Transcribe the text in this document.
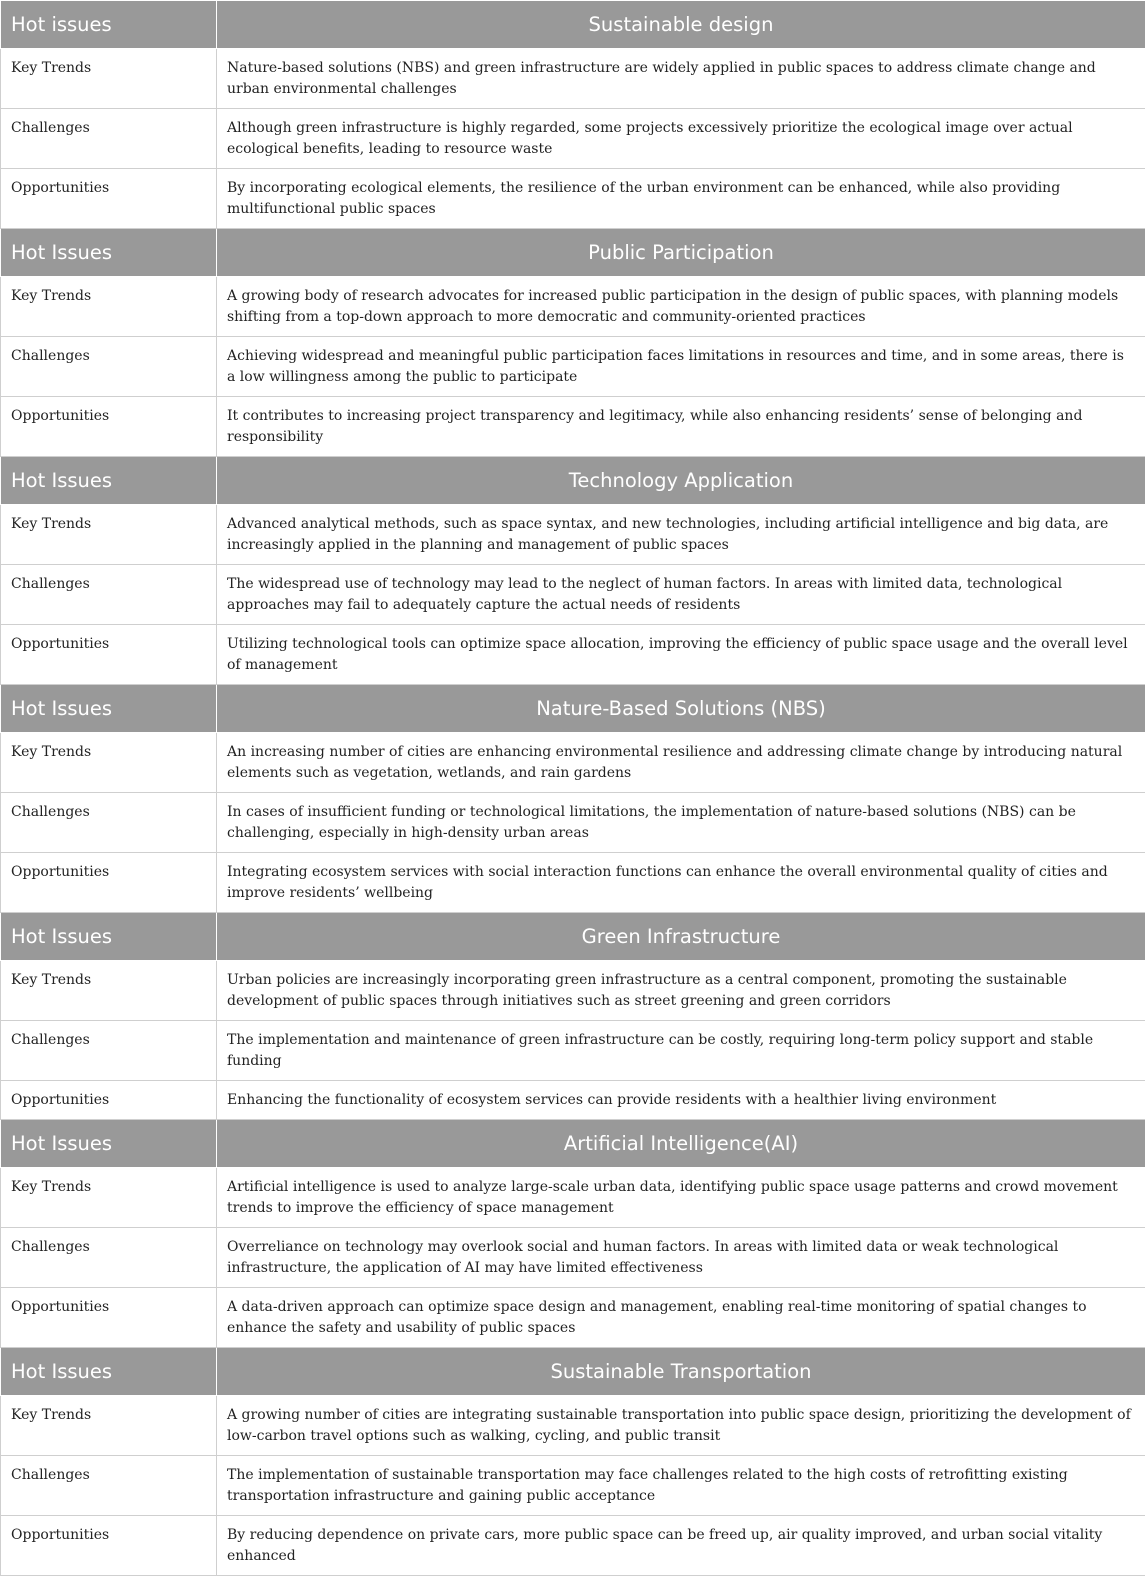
Hot issues	Sustainable design
Key Trends	Nature-based solutions (NBS) and green infrastructure are widely applied in public spaces to address climate change and urban environmental challenges
Challenges	Although green infrastructure is highly regarded, some projects excessively prioritize the ecological image over actual ecological benefits, leading to resource waste
Opportunities	By incorporating ecological elements, the resilience of the urban environment can be enhanced, while also providing multifunctional public spaces
Hot Issues	Public Participation
Key Trends	A growing body of research advocates for increased public participation in the design of public spaces, with planning models shifting from a top-down approach to more democratic and community-oriented practices
Challenges	Achieving widespread and meaningful public participation faces limitations in resources and time, and in some areas, there is a low willingness among the public to participate
Opportunities	It contributes to increasing project transparency and legitimacy, while also enhancing residents’ sense of belonging and responsibility
Hot Issues	Technology Application
Key Trends	Advanced analytical methods, such as space syntax, and new technologies, including artificial intelligence and big data, are increasingly applied in the planning and management of public spaces
Challenges	The widespread use of technology may lead to the neglect of human factors. In areas with limited data, technological approaches may fail to adequately capture the actual needs of residents
Opportunities	Utilizing technological tools can optimize space allocation, improving the efficiency of public space usage and the overall level of management
Hot Issues	Nature-Based Solutions (NBS)
Key Trends	An increasing number of cities are enhancing environmental resilience and addressing climate change by introducing natural elements such as vegetation, wetlands, and rain gardens
Challenges	In cases of insufficient funding or technological limitations, the implementation of nature-based solutions (NBS) can be challenging, especially in high-density urban areas
Opportunities	Integrating ecosystem services with social interaction functions can enhance the overall environmental quality of cities and improve residents’ wellbeing
Hot Issues	Green Infrastructure
Key Trends	Urban policies are increasingly incorporating green infrastructure as a central component, promoting the sustainable development of public spaces through initiatives such as street greening and green corridors
Challenges	The implementation and maintenance of green infrastructure can be costly, requiring long-term policy support and stable funding
Opportunities	Enhancing the functionality of ecosystem services can provide residents with a healthier living environment
Hot Issues	Artificial Intelligence(AI)
Key Trends	Artificial intelligence is used to analyze large-scale urban data, identifying public space usage patterns and crowd movement trends to improve the efficiency of space management
Challenges	Overreliance on technology may overlook social and human factors. In areas with limited data or weak technological infrastructure, the application of AI may have limited effectiveness
Opportunities	A data-driven approach can optimize space design and management, enabling real-time monitoring of spatial changes to enhance the safety and usability of public spaces
Hot Issues	Sustainable Transportation
Key Trends	A growing number of cities are integrating sustainable transportation into public space design, prioritizing the development of low-carbon travel options such as walking, cycling, and public transit
Challenges	The implementation of sustainable transportation may face challenges related to the high costs of retrofitting existing transportation infrastructure and gaining public acceptance
Opportunities	By reducing dependence on private cars, more public space can be freed up, air quality improved, and urban social vitality enhanced
